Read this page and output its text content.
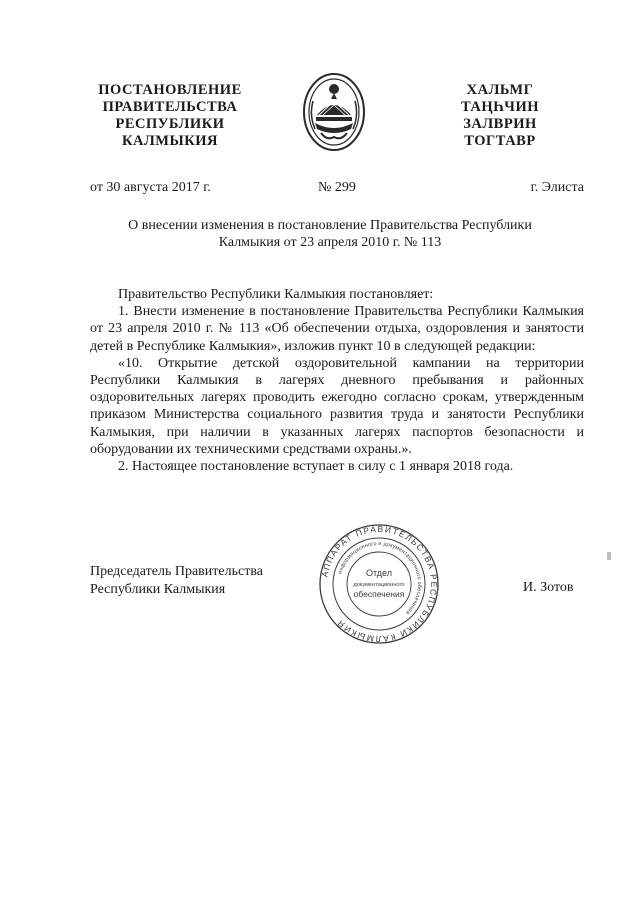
ПОСТАНОВЛЕНИЕ
ПРАВИТЕЛЬСТВА
РЕСПУБЛИКИ
КАЛМЫКИЯ
ХАЛЬМГ
ТАҢҺЧИН
ЗАЛВРИН
ТОГТАВР
от 30 августа 2017 г.	№ 299	г. Элиста
О внесении изменения в постановление Правительства Республики
Калмыкия от 23 апреля 2010 г. № 113

Правительство Республики Калмыкия постановляет:

1. Внести изменение в постановление Правительства Республики Калмыкия от 23 апреля 2010 г. № 113 «Об обеспечении отдыха, оздоровления и занятости детей в Республике Калмыкия», изложив пункт 10 в следующей редакции:

«10. Открытие детской оздоровительной кампании на территории Республики Калмыкия в лагерях дневного пребывания и районных оздоровительных лагерях проводить ежегодно согласно срокам, утвержденным приказом Министерства социального развития труда и занятости Республики Калмыкия, при наличии в указанных лагерях паспортов безопасности и оборудовании их техническими средствами охраны.».

2. Настоящее постановление вступает в силу с 1 января 2018 года.

Председатель Правительства
Республики Калмыкия
АППАРАТ ПРАВИТЕЛЬСТВА РЕСПУБЛИКИ КАЛМЫКИЯ
информационного и документационного обеспечения
Отдел
документационного
обеспечения	И. Зотов
